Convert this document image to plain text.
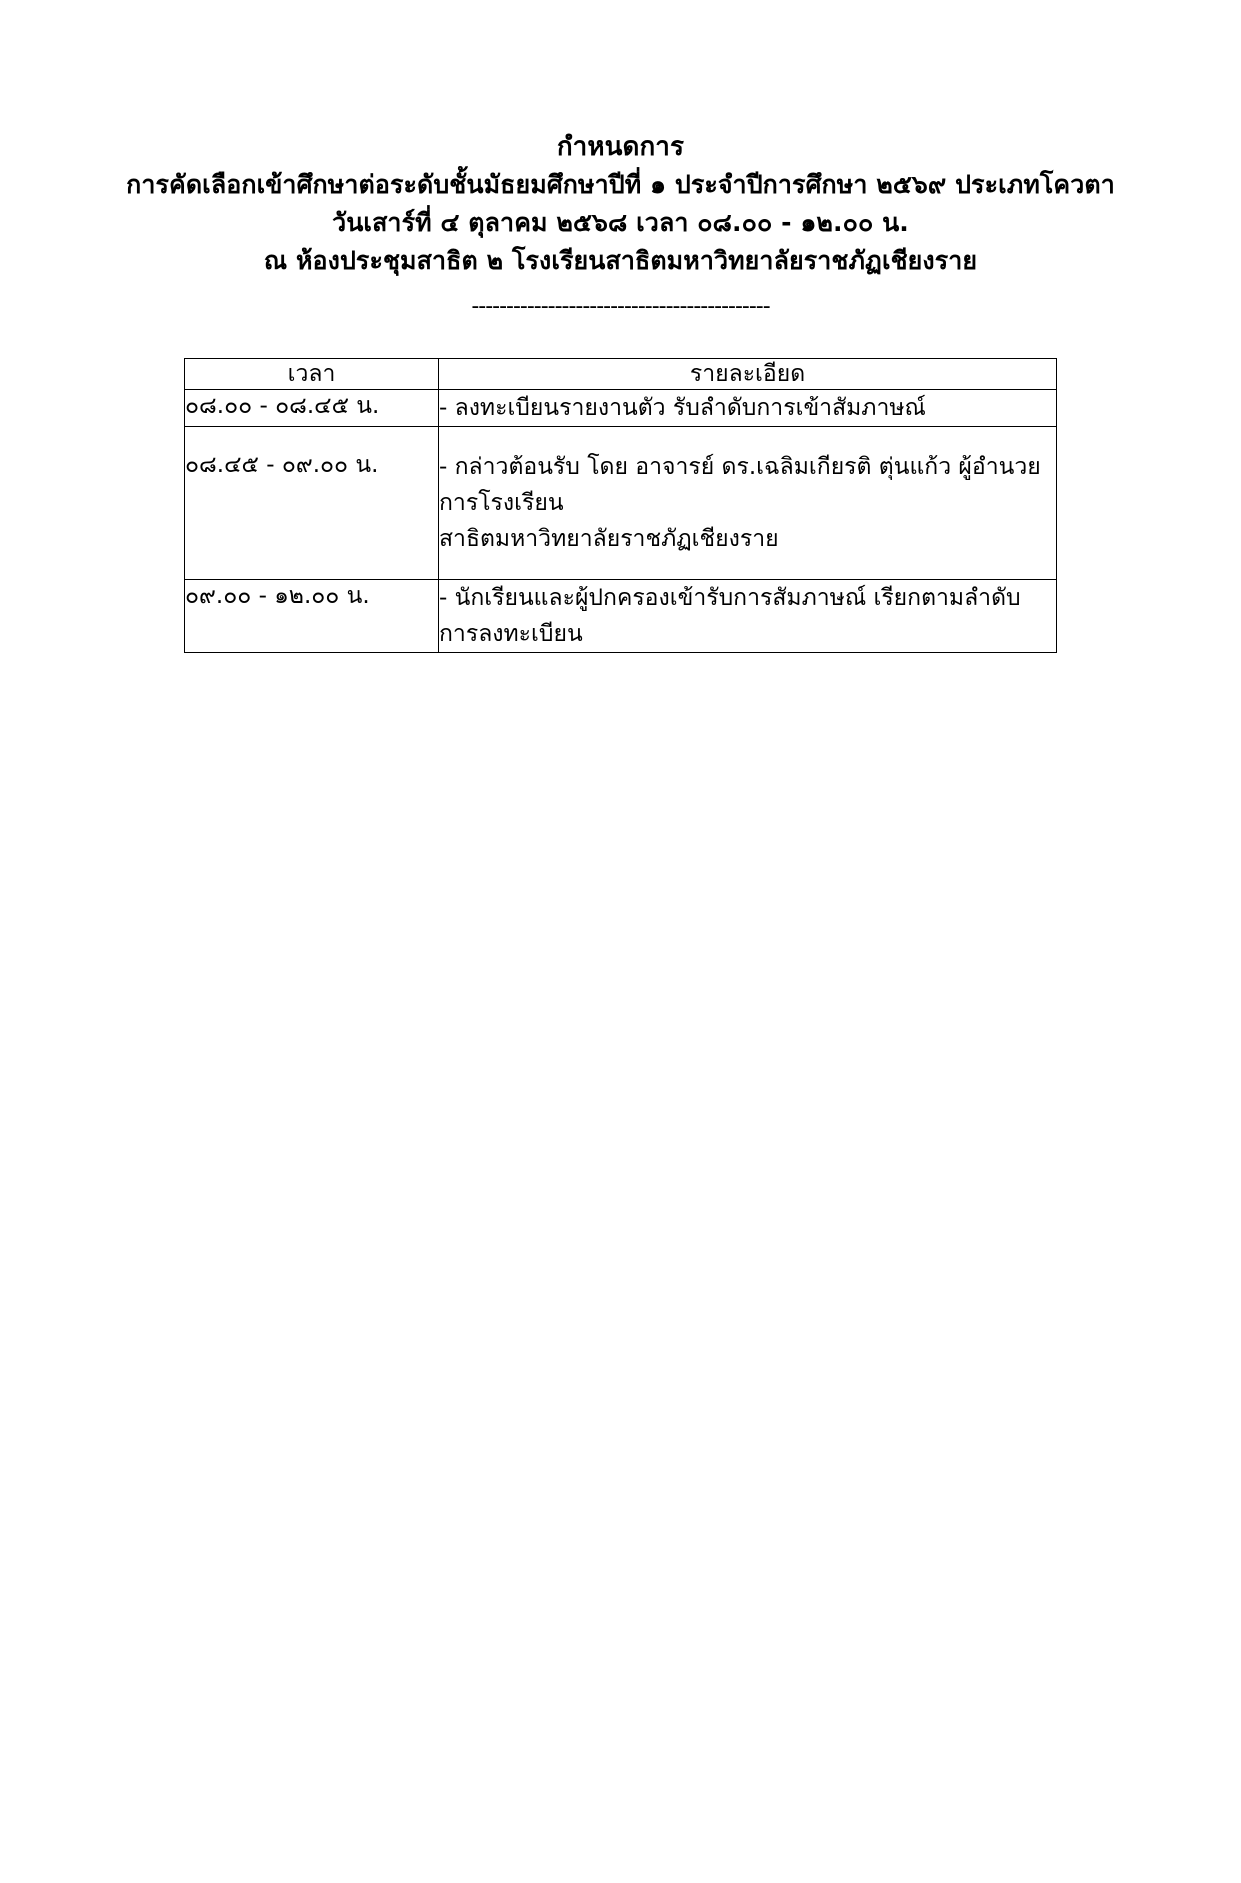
กำหนดการ
การคัดเลือกเข้าศึกษาต่อระดับชั้นมัธยมศึกษาปีที่ ๑ ประจำปีการศึกษา ๒๕๖๙ ประเภทโควตา
วันเสาร์ที่ ๔ ตุลาคม ๒๕๖๘ เวลา ๐๘.๐๐ - ๑๒.๐๐ น.
ณ ห้องประชุมสาธิต ๒ โรงเรียนสาธิตมหาวิทยาลัยราชภัฏเชียงราย
-------------------------------------------
เวลา	รายละเอียด
๐๘.๐๐ - ๐๘.๔๕ น.	- ลงทะเบียนรายงานตัว รับลำดับการเข้าสัมภาษณ์

๐๘.๔๕ - ๐๙.๐๐ น.	- กล่าวต้อนรับ โดย อาจารย์ ดร.เฉลิมเกียรติ ตุ่นแก้ว ผู้อำนวยการโรงเรียน
สาธิตมหาวิทยาลัยราชภัฏเชียงราย

๐๙.๐๐ - ๑๒.๐๐ น.	- นักเรียนและผู้ปกครองเข้ารับการสัมภาษณ์ เรียกตามลำดับการลงทะเบียน
